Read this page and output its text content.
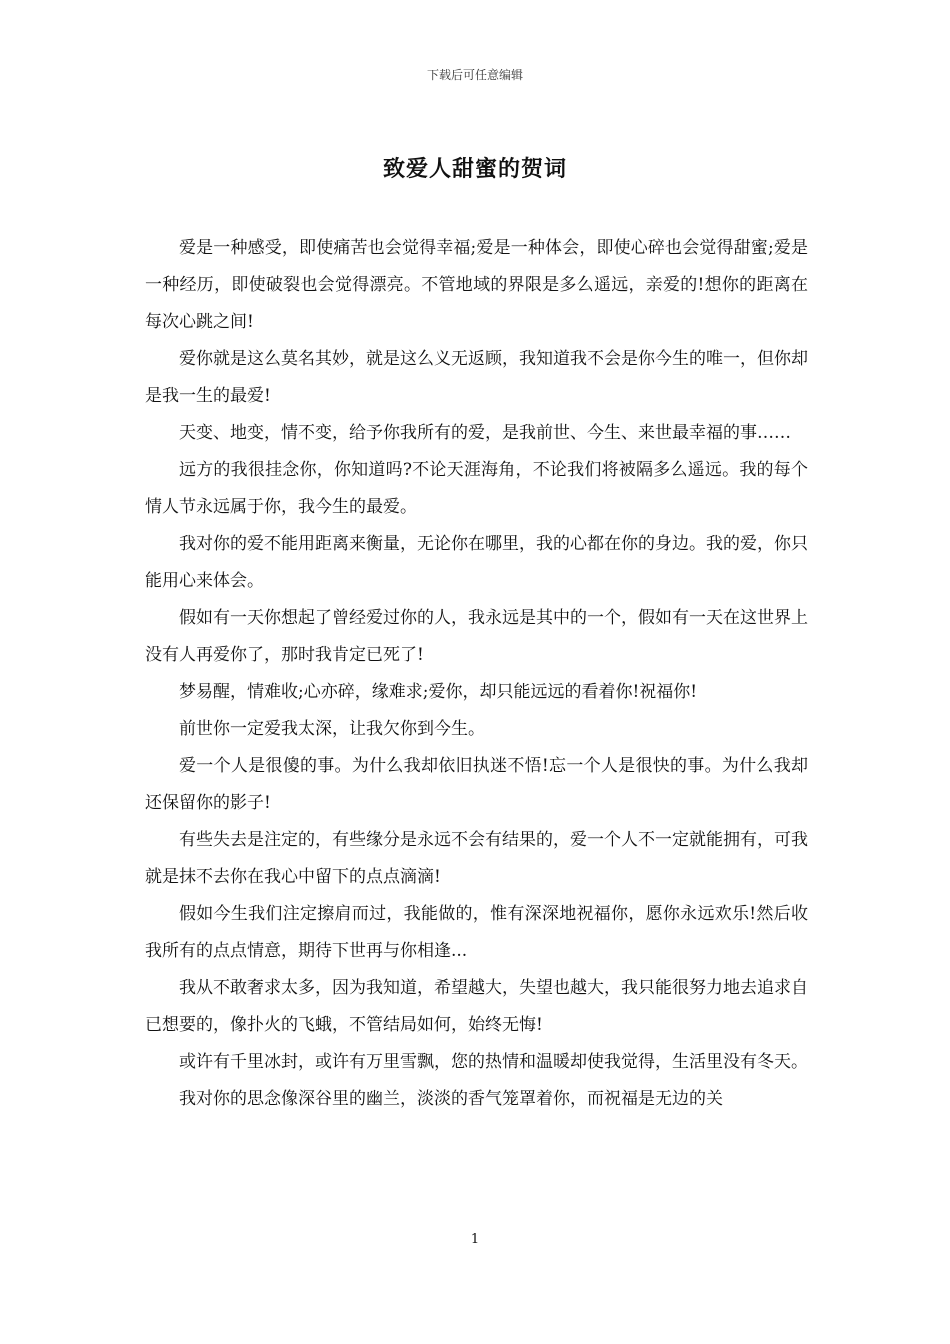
下载后可任意编辑
致爱人甜蜜的贺词

爱是一种感受，即使痛苦也会觉得幸福;爱是一种体会，即使心碎也会觉得甜蜜;爱是一种经历，即使破裂也会觉得漂亮。不管地域的界限是多么遥远，亲爱的!想你的距离在每次心跳之间!

爱你就是这么莫名其妙，就是这么义无返顾，我知道我不会是你今生的唯一，但你却是我一生的最爱!

天变、地变，情不变，给予你我所有的爱，是我前世、今生、来世最幸福的事……

远方的我很挂念你，你知道吗?不论天涯海角，不论我们将被隔多么遥远。我的每个情人节永远属于你，我今生的最爱。

我对你的爱不能用距离来衡量，无论你在哪里，我的心都在你的身边。我的爱，你只能用心来体会。

假如有一天你想起了曾经爱过你的人，我永远是其中的一个，假如有一天在这世界上没有人再爱你了，那时我肯定已死了!

梦易醒，情难收;心亦碎，缘难求;爱你，却只能远远的看着你!祝福你!

前世你一定爱我太深，让我欠你到今生。

爱一个人是很傻的事。为什么我却依旧执迷不悟!忘一个人是很快的事。为什么我却还保留你的影子!

有些失去是注定的，有些缘分是永远不会有结果的，爱一个人不一定就能拥有，可我就是抹不去你在我心中留下的点点滴滴!

假如今生我们注定擦肩而过，我能做的，惟有深深地祝福你，愿你永远欢乐!然后收我所有的点点情意，期待下世再与你相逢...

我从不敢奢求太多，因为我知道，希望越大，失望也越大，我只能很努力地去追求自已想要的，像扑火的飞蛾，不管结局如何，始终无悔!

或许有千里冰封，或许有万里雪飘，您的热情和温暖却使我觉得，生活里没有冬天。

我对你的思念像深谷里的幽兰，淡淡的香气笼罩着你，而祝福是无边的关

1
